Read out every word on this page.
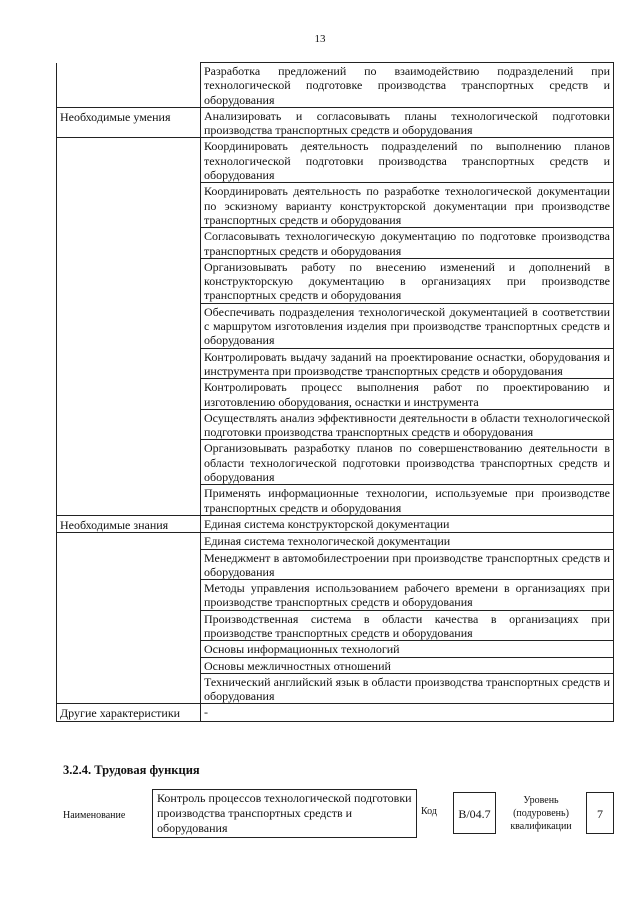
13
	Разработка предложений по взаимодействию подразделений при технологической подготовке производства транспортных средств и оборудования
Необходимые умения	Анализировать и согласовывать планы технологической подготовки производства транспортных средств и оборудования
	Координировать деятельность подразделений по выполнению планов технологической подготовки производства транспортных средств и оборудования
	Координировать деятельность по разработке технологической документации по эскизному варианту конструкторской документации при производстве транспортных средств и оборудования
	Согласовывать технологическую документацию по подготовке производства транспортных средств и оборудования
	Организовывать работу по внесению изменений и дополнений в конструкторскую документацию в организациях при производстве транспортных средств и оборудования
	Обеспечивать подразделения технологической документацией в соответствии с маршрутом изготовления изделия при производстве транспортных средств и оборудования
	Контролировать выдачу заданий на проектирование оснастки, оборудования и инструмента при производстве транспортных средств и оборудования
	Контролировать процесс выполнения работ по проектированию и изготовлению оборудования, оснастки и инструмента
	Осуществлять анализ эффективности деятельности в области технологической подготовки производства транспортных средств и оборудования
	Организовывать разработку планов по совершенствованию деятельности в области технологической подготовки производства транспортных средств и оборудования
	Применять информационные технологии, используемые при производстве транспортных средств и оборудования
Необходимые знания	Единая система конструкторской документации
	Единая система технологической документации
	Менеджмент в автомобилестроении при производстве транспортных средств и оборудования
	Методы управления использованием рабочего времени в организациях при производстве транспортных средств и оборудования
	Производственная система в области качества в организациях при производстве транспортных средств и оборудования
	Основы информационных технологий
	Основы межличностных отношений
	Технический английский язык в области производства транспортных средств и оборудования
Другие характеристики	-
3.2.4. Трудовая функция
Наименование
Контроль процессов технологической подготовки производства транспортных средств и оборудования
Код	B/04.7
Уровень (подуровень) квалификации
7
